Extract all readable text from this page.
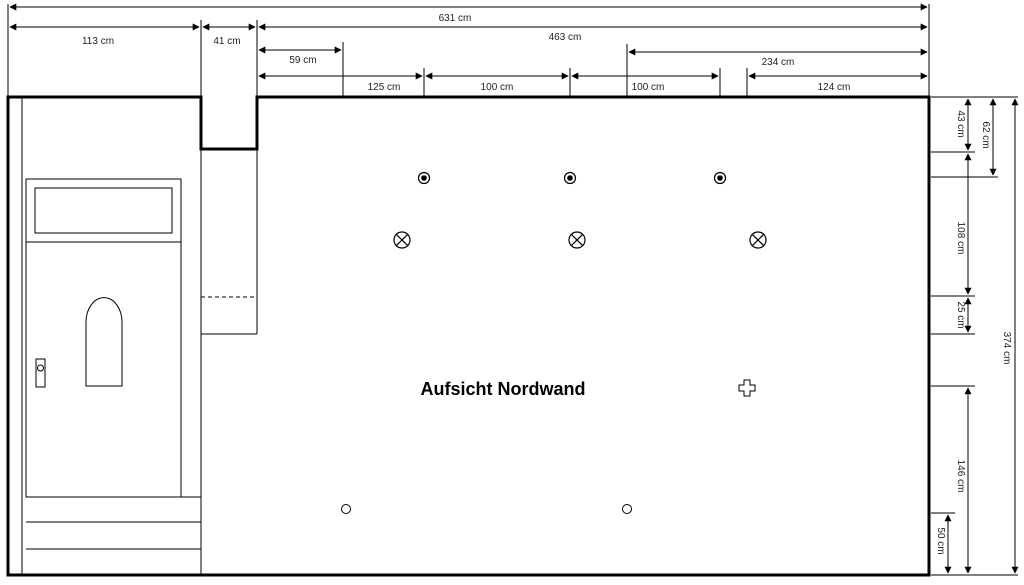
631 cm
113 cm	41 cm	463 cm
59 cm	234 cm
125 cm	100 cm	100 cm	124 cm
Aufsicht Nordwand
43 cm 62 cm
108 cm
25 cm
374 cm
146 cm
50 cm
